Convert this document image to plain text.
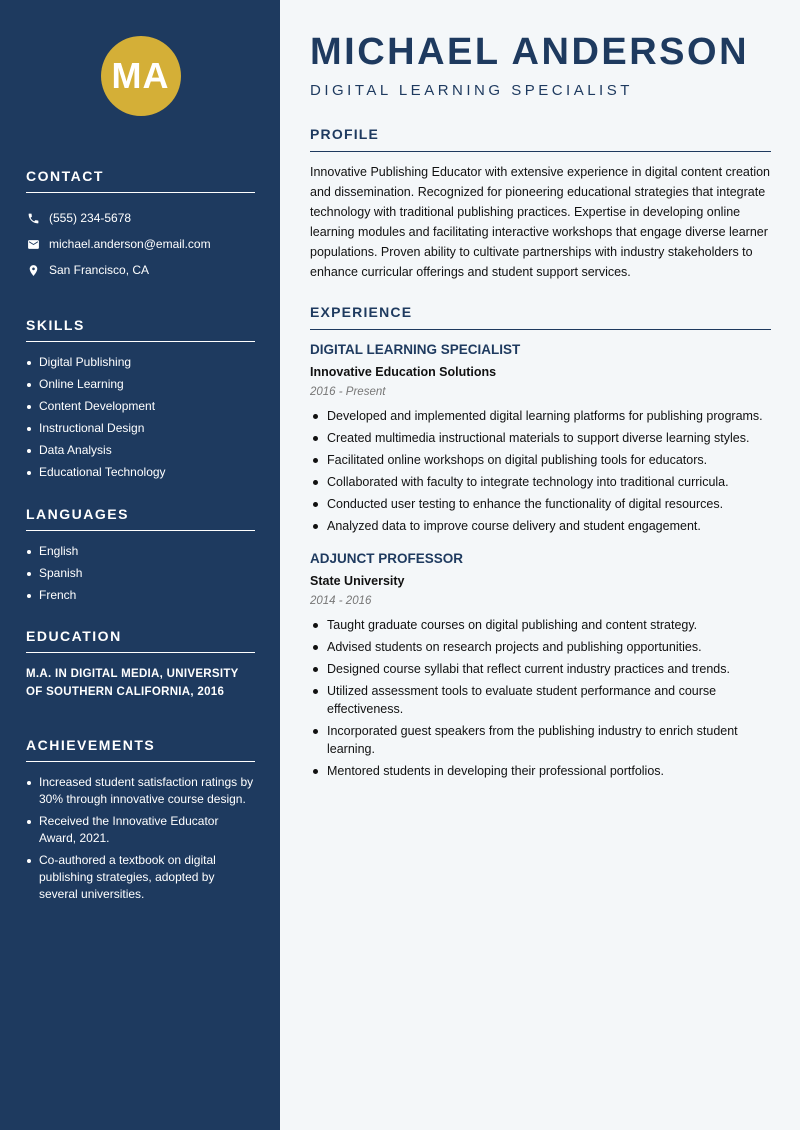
MA
CONTACT
(555) 234-5678
michael.anderson@email.com
San Francisco, CA
SKILLS
Digital Publishing
Online Learning
Content Development
Instructional Design
Data Analysis
Educational Technology
LANGUAGES
English
Spanish
French
EDUCATION
M.A. IN DIGITAL MEDIA, UNIVERSITY OF SOUTHERN CALIFORNIA, 2016
ACHIEVEMENTS
Increased student satisfaction ratings by 30% through innovative course design.
Received the Innovative Educator Award, 2021.
Co-authored a textbook on digital publishing strategies, adopted by several universities.
MICHAEL ANDERSON
DIGITAL LEARNING SPECIALIST
PROFILE

Innovative Publishing Educator with extensive experience in digital content creation and dissemination. Recognized for pioneering educational strategies that integrate technology with traditional publishing practices. Expertise in developing online learning modules and facilitating interactive workshops that engage diverse learner populations. Proven ability to cultivate partnerships with industry stakeholders to enhance curricular offerings and student support services.

EXPERIENCE
DIGITAL LEARNING SPECIALIST
Innovative Education Solutions
2016 - Present
Developed and implemented digital learning platforms for publishing programs.
Created multimedia instructional materials to support diverse learning styles.
Facilitated online workshops on digital publishing tools for educators.
Collaborated with faculty to integrate technology into traditional curricula.
Conducted user testing to enhance the functionality of digital resources.
Analyzed data to improve course delivery and student engagement.
ADJUNCT PROFESSOR
State University
2014 - 2016
Taught graduate courses on digital publishing and content strategy.
Advised students on research projects and publishing opportunities.
Designed course syllabi that reflect current industry practices and trends.
Utilized assessment tools to evaluate student performance and course effectiveness.
Incorporated guest speakers from the publishing industry to enrich student learning.
Mentored students in developing their professional portfolios.
